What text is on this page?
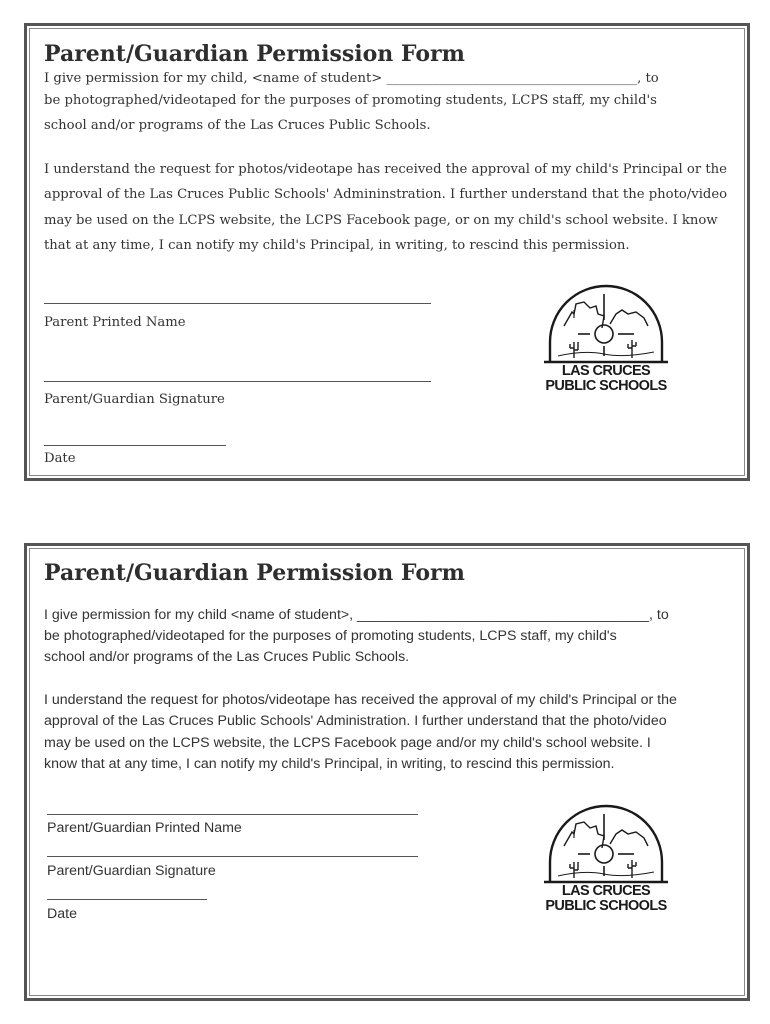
Parent/Guardian Permission Form

I give permission for my child, <name of student> ______________________________________, to

be photographed/videotaped for the purposes of promoting students, LCPS staff, my child's

school and/or programs of the Las Cruces Public Schools.

I understand the request for photos/videotape has received the approval of my child's Principal or the

approval of the Las Cruces Public Schools' Admininstration. I further understand that the photo/video

may be used on the LCPS website, the LCPS Facebook page, or on my child's school website. I know

that at any time, I can notify my child's Principal, in writing, to rescind this permission.

Parent Printed Name
Parent/Guardian Signature
Date
LAS CRUCES
PUBLIC SCHOOLS
Parent/Guardian Permission Form

I give permission for my child <name of student>, _____________________________________, to

be photographed/videotaped for the purposes of promoting students, LCPS staff, my child's

school and/or programs of the Las Cruces Public Schools.

I understand the request for photos/videotape has received the approval of my child's Principal or the

approval of the Las Cruces Public Schools' Administration. I further understand that the photo/video

may be used on the LCPS website, the LCPS Facebook page and/or my child's school website. I

know that at any time, I can notify my child's Principal, in writing, to rescind this permission.

Parent/Guardian Printed Name
Parent/Guardian Signature
Date
LAS CRUCES
PUBLIC SCHOOLS
